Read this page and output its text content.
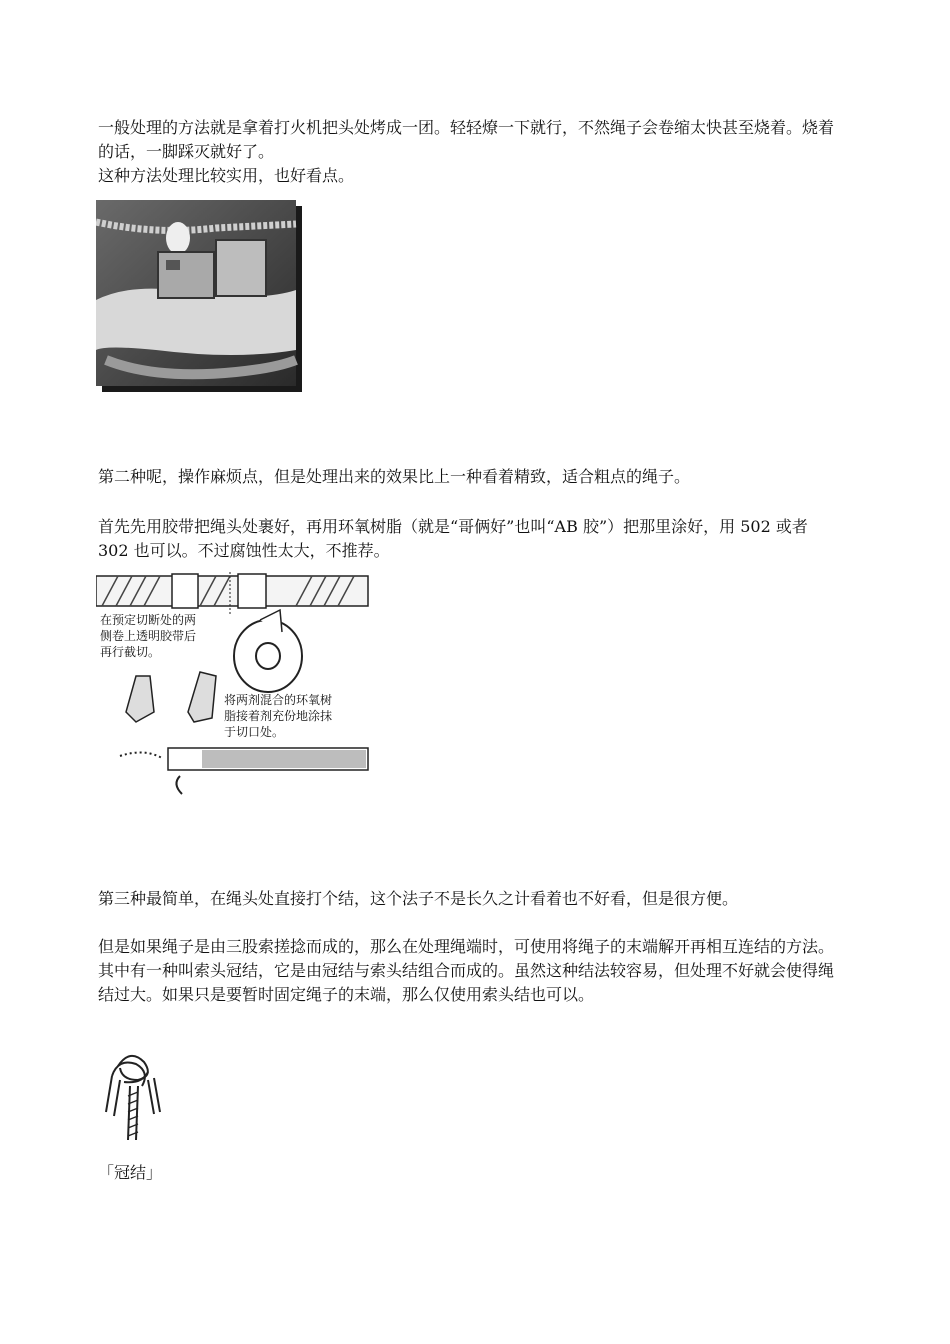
一般处理的方法就是拿着打火机把头处烤成一团。轻轻燎一下就行，不然绳子会卷缩太快甚至烧着。烧着的话，一脚踩灭就好了。

这种方法处理比较实用，也好看点。

第二种呢，操作麻烦点，但是处理出来的效果比上一种看着精致，适合粗点的绳子。

首先先用胶带把绳头处裹好，再用环氧树脂（就是“哥俩好”也叫“AB 胶”）把那里涂好，用 502 或者 302 也可以。不过腐蚀性太大，不推荐。

在预定切断处的两
侧卷上透明胶带后
再行截切。
将两剂混合的环氧树
脂接着剂充份地涂抹
于切口处。

第三种最简单，在绳头处直接打个结，这个法子不是长久之计看着也不好看，但是很方便。

但是如果绳子是由三股索搓捻而成的，那么在处理绳端时，可使用将绳子的末端解开再相互连结的方法。其中有一种叫索头冠结，它是由冠结与索头结组合而成的。虽然这种结法较容易，但处理不好就会使得绳结过大。如果只是要暂时固定绳子的末端，那么仅使用索头结也可以。

「冠结」
